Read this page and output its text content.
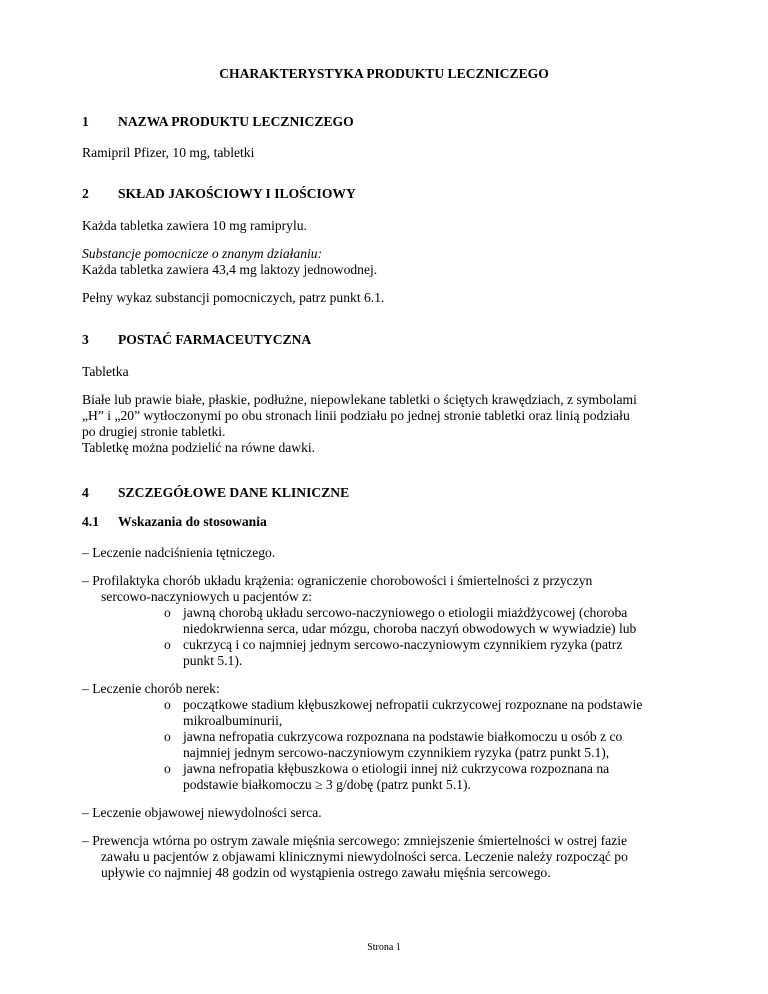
CHARAKTERYSTYKA PRODUKTU LECZNICZEGO
1 NAZWA PRODUKTU LECZNICZEGO
Ramipril Pfizer, 10 mg, tabletki
2 SKŁAD JAKOŚCIOWY I ILOŚCIOWY
Każda tabletka zawiera 10 mg ramiprylu.
Substancje pomocnicze o znanym działaniu:
Każda tabletka zawiera 43,4 mg laktozy jednowodnej.
Pełny wykaz substancji pomocniczych, patrz punkt 6.1.
3 POSTAĆ FARMACEUTYCZNA
Tabletka
Białe lub prawie białe, płaskie, podłużne, niepowlekane tabletki o ściętych krawędziach, z symbolami
„H” i „20” wytłoczonymi po obu stronach linii podziału po jednej stronie tabletki oraz linią podziału
po drugiej stronie tabletki.
Tabletkę można podzielić na równe dawki.
4 SZCZEGÓŁOWE DANE KLINICZNE
4.1 Wskazania do stosowania
– Leczenie nadciśnienia tętniczego.
– Profilaktyka chorób układu krążenia: ograniczenie chorobowości i śmiertelności z przyczyn
sercowo-naczyniowych u pacjentów z:
o jawną chorobą układu sercowo-naczyniowego o etiologii miażdżycowej (choroba
niedokrwienna serca, udar mózgu, choroba naczyń obwodowych w wywiadzie) lub
o cukrzycą i co najmniej jednym sercowo-naczyniowym czynnikiem ryzyka (patrz
punkt 5.1).
– Leczenie chorób nerek:
o początkowe stadium kłębuszkowej nefropatii cukrzycowej rozpoznane na podstawie
mikroalbuminurii,
o jawna nefropatia cukrzycowa rozpoznana na podstawie białkomoczu u osób z co
najmniej jednym sercowo-naczyniowym czynnikiem ryzyka (patrz punkt 5.1),
o jawna nefropatia kłębuszkowa o etiologii innej niż cukrzycowa rozpoznana na
podstawie białkomoczu ≥ 3 g/dobę (patrz punkt 5.1).
– Leczenie objawowej niewydolności serca.
– Prewencja wtórna po ostrym zawale mięśnia sercowego: zmniejszenie śmiertelności w ostrej fazie
zawału u pacjentów z objawami klinicznymi niewydolności serca. Leczenie należy rozpocząć po
upływie co najmniej 48 godzin od wystąpienia ostrego zawału mięśnia sercowego.
Strona 1
